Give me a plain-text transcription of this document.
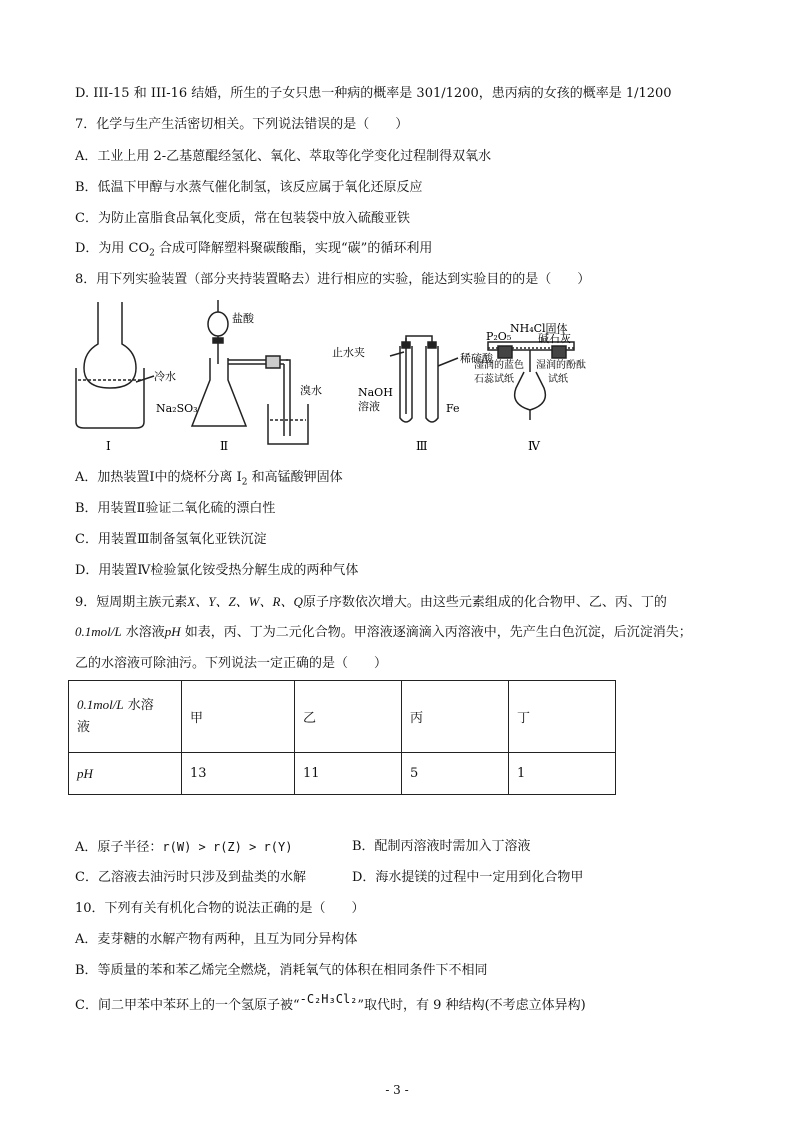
D. III-15 和 III-16 结婚，所生的子女只患一种病的概率是 301/1200，患丙病的女孩的概率是 1/1200
7．化学与生产生活密切相关。下列说法错误的是（　　）
A．工业上用 2-乙基蒽醌经氢化、氧化、萃取等化学变化过程制得双氧水
B．低温下甲醇与水蒸气催化制氢，该反应属于氧化还原反应
C．为防止富脂食品氧化变质，常在包装袋中放入硫酸亚铁
D．为用 $CO_2$ 合成可降解塑料聚碳酸酯，实现“碳”的循环利用
8．用下列实验装置（部分夹持装置略去）进行相应的实验，能达到实验目的的是（　　）
Ⅰ	Ⅱ	Ⅲ	Ⅳ
冷水
盐酸
Na₂SO₃
溴水
止水夹	稀硫酸
NaOH
溶液	Fe
NH₄Cl固体
P₂O₅ 碱石灰
湿润的蓝色
石蕊试纸
湿润的酚酞
试纸
A．加热装置Ⅰ中的烧杯分离 $I_2$ 和高锰酸钾固体
B．用装置Ⅱ验证二氧化硫的漂白性
C．用装置Ⅲ制备氢氧化亚铁沉淀
D．用装置Ⅳ检验氯化铵受热分解生成的两种气体
9．短周期主族元素X、Y、Z、W、R、Q原子序数依次增大。由这些元素组成的化合物甲、乙、丙、丁的
0.1mol/L 水溶液pH 如表，丙、丁为二元化合物。甲溶液逐滴滴入丙溶液中，先产生白色沉淀，后沉淀消失；
乙的水溶液可除油污。下列说法一定正确的是（　　）
0.1mol/L 水溶
液	甲	乙	丙	丁
pH	13	11	5	1
A．原子半径：r(W) > r(Z) > r(Y)	B．配制丙溶液时需加入丁溶液
C．乙溶液去油污时只涉及到盐类的水解	D．海水提镁的过程中一定用到化合物甲
10．下列有关有机化合物的说法正确的是（　　）
A．麦芽糖的水解产物有两种，且互为同分异构体
B．等质量的苯和苯乙烯完全燃烧，消耗氧气的体积在相同条件下不相同
C．间二甲苯中苯环上的一个氢原子被“-C₂H₃Cl₂”取代时，有 9 种结构(不考虑立体异构)
- 3 -
